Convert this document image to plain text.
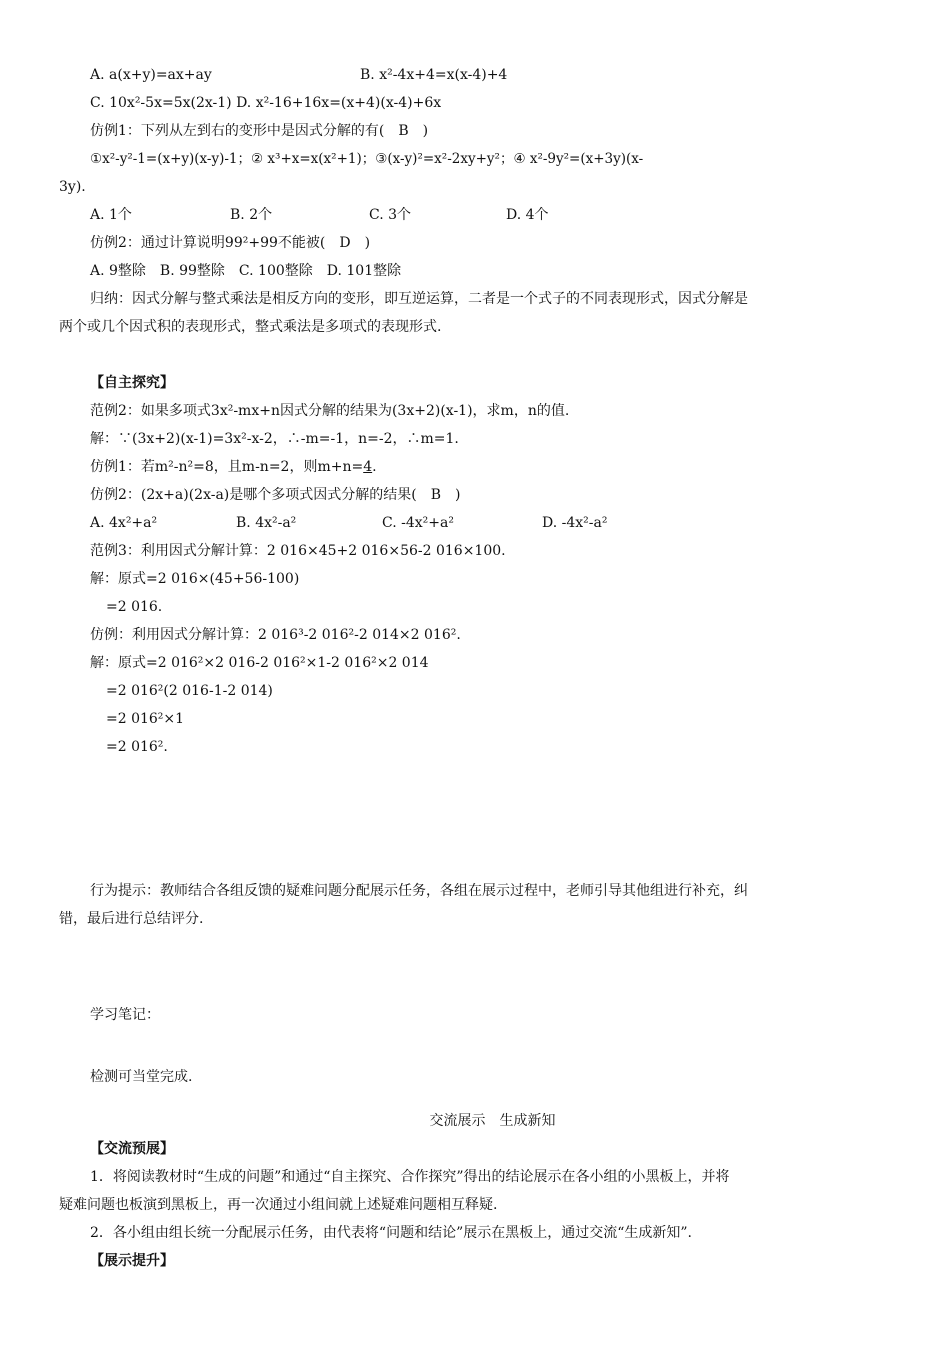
A. a(x+y)=ax+ay	B. x²-4x+4=x(x-4)+4
C. 10x²-5x=5x(2x-1) D. x²-16+16x=(x+4)(x-4)+6x
仿例1：下列从左到右的变形中是因式分解的有(　B　)
①x²-y²-1=(x+y)(x-y)-1；② x³+x=x(x²+1)；③(x-y)²=x²-2xy+y²；④ x²-9y²=(x+3y)(x-
3y).
A. 1个	B. 2个	C. 3个	D. 4个
仿例2：通过计算说明99²+99不能被(　D　)
A. 9整除　B. 99整除　C. 100整除　D. 101整除
归纳：因式分解与整式乘法是相反方向的变形，即互逆运算，二者是一个式子的不同表现形式，因式分解是
两个或几个因式积的表现形式，整式乘法是多项式的表现形式.
【自主探究】
范例2：如果多项式3x²-mx+n因式分解的结果为(3x+2)(x-1)，求m，n的值.
解：∵(3x+2)(x-1)=3x²-x-2，∴-m=-1，n=-2，∴m=1.
仿例1：若m²-n²=8，且m-n=2，则m+n=4.
仿例2：(2x+a)(2x-a)是哪个多项式因式分解的结果(　B　)
A. 4x²+a²	B. 4x²-a²	C. -4x²+a²	D. -4x²-a²
范例3：利用因式分解计算：2 016×45+2 016×56-2 016×100.
解：原式=2 016×(45+56-100)
=2 016.
仿例：利用因式分解计算：2 016³-2 016²-2 014×2 016².
解：原式=2 016²×2 016-2 016²×1-2 016²×2 014
=2 016²(2 016-1-2 014)
=2 016²×1
=2 016².
行为提示：教师结合各组反馈的疑难问题分配展示任务，各组在展示过程中，老师引导其他组进行补充，纠
错，最后进行总结评分.
学习笔记：
检测可当堂完成.
交流展示　生成新知
【交流预展】
1．将阅读教材时“生成的问题”和通过“自主探究、合作探究”得出的结论展示在各小组的小黑板上，并将
疑难问题也板演到黑板上，再一次通过小组间就上述疑难问题相互释疑.
2．各小组由组长统一分配展示任务，由代表将“问题和结论”展示在黑板上，通过交流“生成新知”.
【展示提升】
